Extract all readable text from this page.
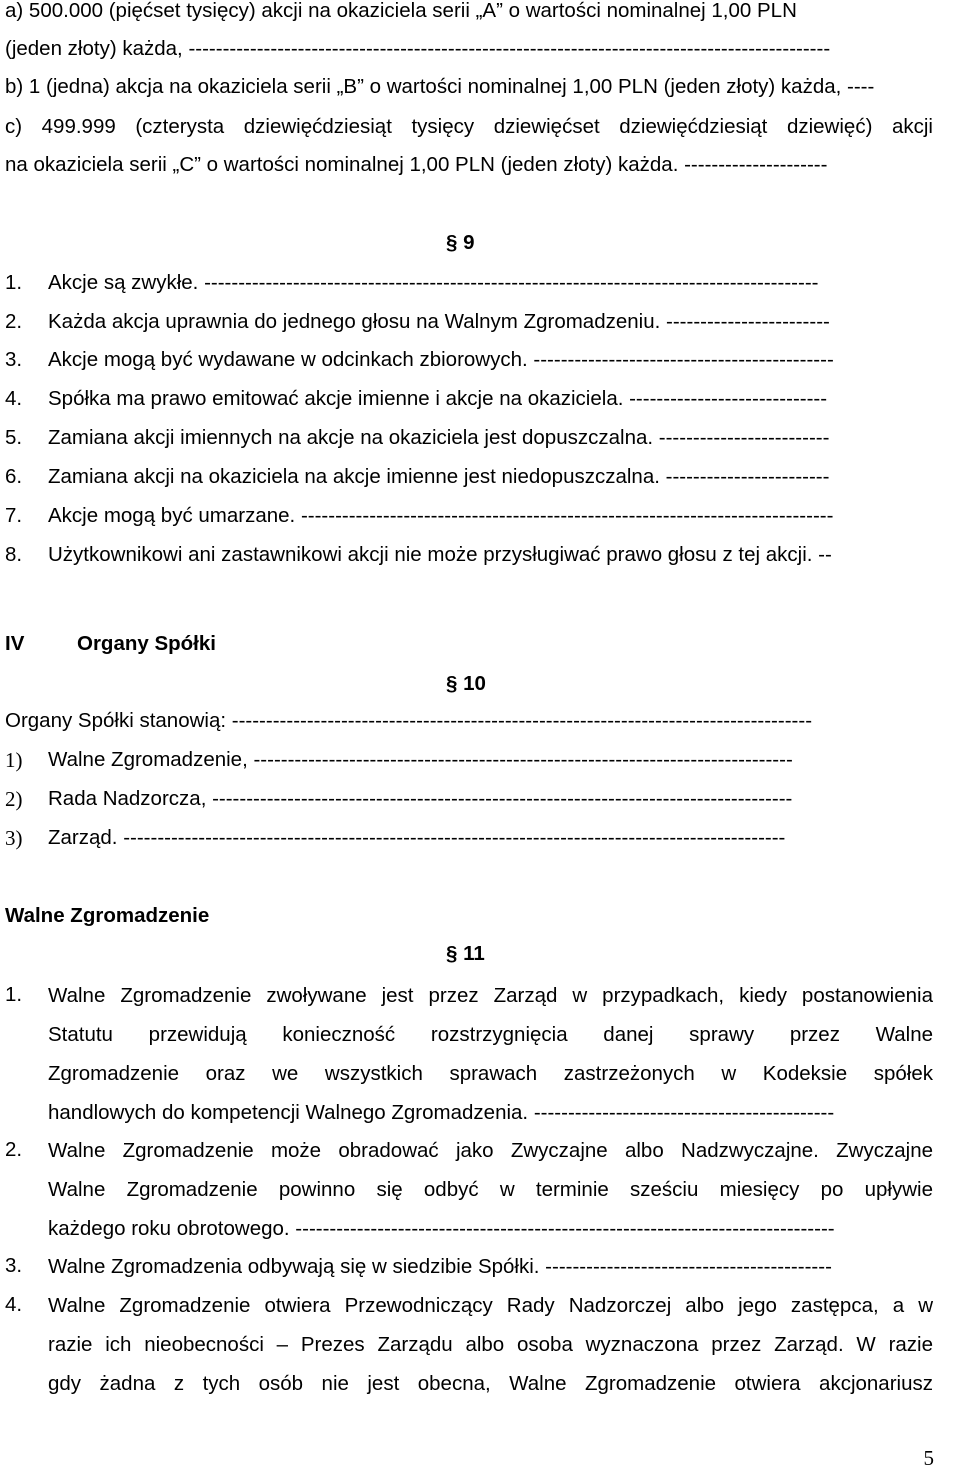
a) 500.000 (pięćset tysięcy) akcji na okaziciela serii „A” o wartości nominalnej 1,00 PLN
(jeden złoty) każda, ----------------------------------------------------------------------------------------------
b) 1 (jedna) akcja na okaziciela serii „B” o wartości nominalnej 1,00 PLN (jeden złoty) każda, ----
c) 499.999 (czterysta dziewięćdziesiąt tysięcy dziewięćset dziewięćdziesiąt dziewięć) akcji
na okaziciela serii „C” o wartości nominalnej 1,00 PLN (jeden złoty) każda. ---------------------
§ 9
1. Akcje są zwykłe. ------------------------------------------------------------------------------------------
2. Każda akcja uprawnia do jednego głosu na Walnym Zgromadzeniu. ------------------------
3. Akcje mogą być wydawane w odcinkach zbiorowych. --------------------------------------------
4. Spółka ma prawo emitować akcje imienne i akcje na okaziciela. -----------------------------
5. Zamiana akcji imiennych na akcje na okaziciela jest dopuszczalna. -------------------------
6. Zamiana akcji na okaziciela na akcje imienne jest niedopuszczalna. ------------------------
7. Akcje mogą być umarzane. ------------------------------------------------------------------------------
8. Użytkownikowi ani zastawnikowi akcji nie może przysługiwać prawo głosu z tej akcji. --
IV	Organy Spółki
§ 10
Organy Spółki stanowią: -------------------------------------------------------------------------------------
1) Walne Zgromadzenie, -------------------------------------------------------------------------------
2) Rada Nadzorcza, -------------------------------------------------------------------------------------
3) Zarząd. -------------------------------------------------------------------------------------------------
Walne Zgromadzenie
§ 11
1. Walne Zgromadzenie zwoływane jest przez Zarząd w przypadkach, kiedy postanowienia
Statutu przewidują konieczność rozstrzygnięcia danej sprawy przez Walne
Zgromadzenie oraz we wszystkich sprawach zastrzeżonych w Kodeksie spółek
handlowych do kompetencji Walnego Zgromadzenia. --------------------------------------------
2. Walne Zgromadzenie może obradować jako Zwyczajne albo Nadzwyczajne. Zwyczajne
Walne Zgromadzenie powinno się odbyć w terminie sześciu miesięcy po upływie
każdego roku obrotowego. -------------------------------------------------------------------------------
3. Walne Zgromadzenia odbywają się w siedzibie Spółki. ------------------------------------------
4. Walne Zgromadzenie otwiera Przewodniczący Rady Nadzorczej albo jego zastępca, a w
razie ich nieobecności – Prezes Zarządu albo osoba wyznaczona przez Zarząd. W razie
gdy żadna z tych osób nie jest obecna, Walne Zgromadzenie otwiera akcjonariusz
5
